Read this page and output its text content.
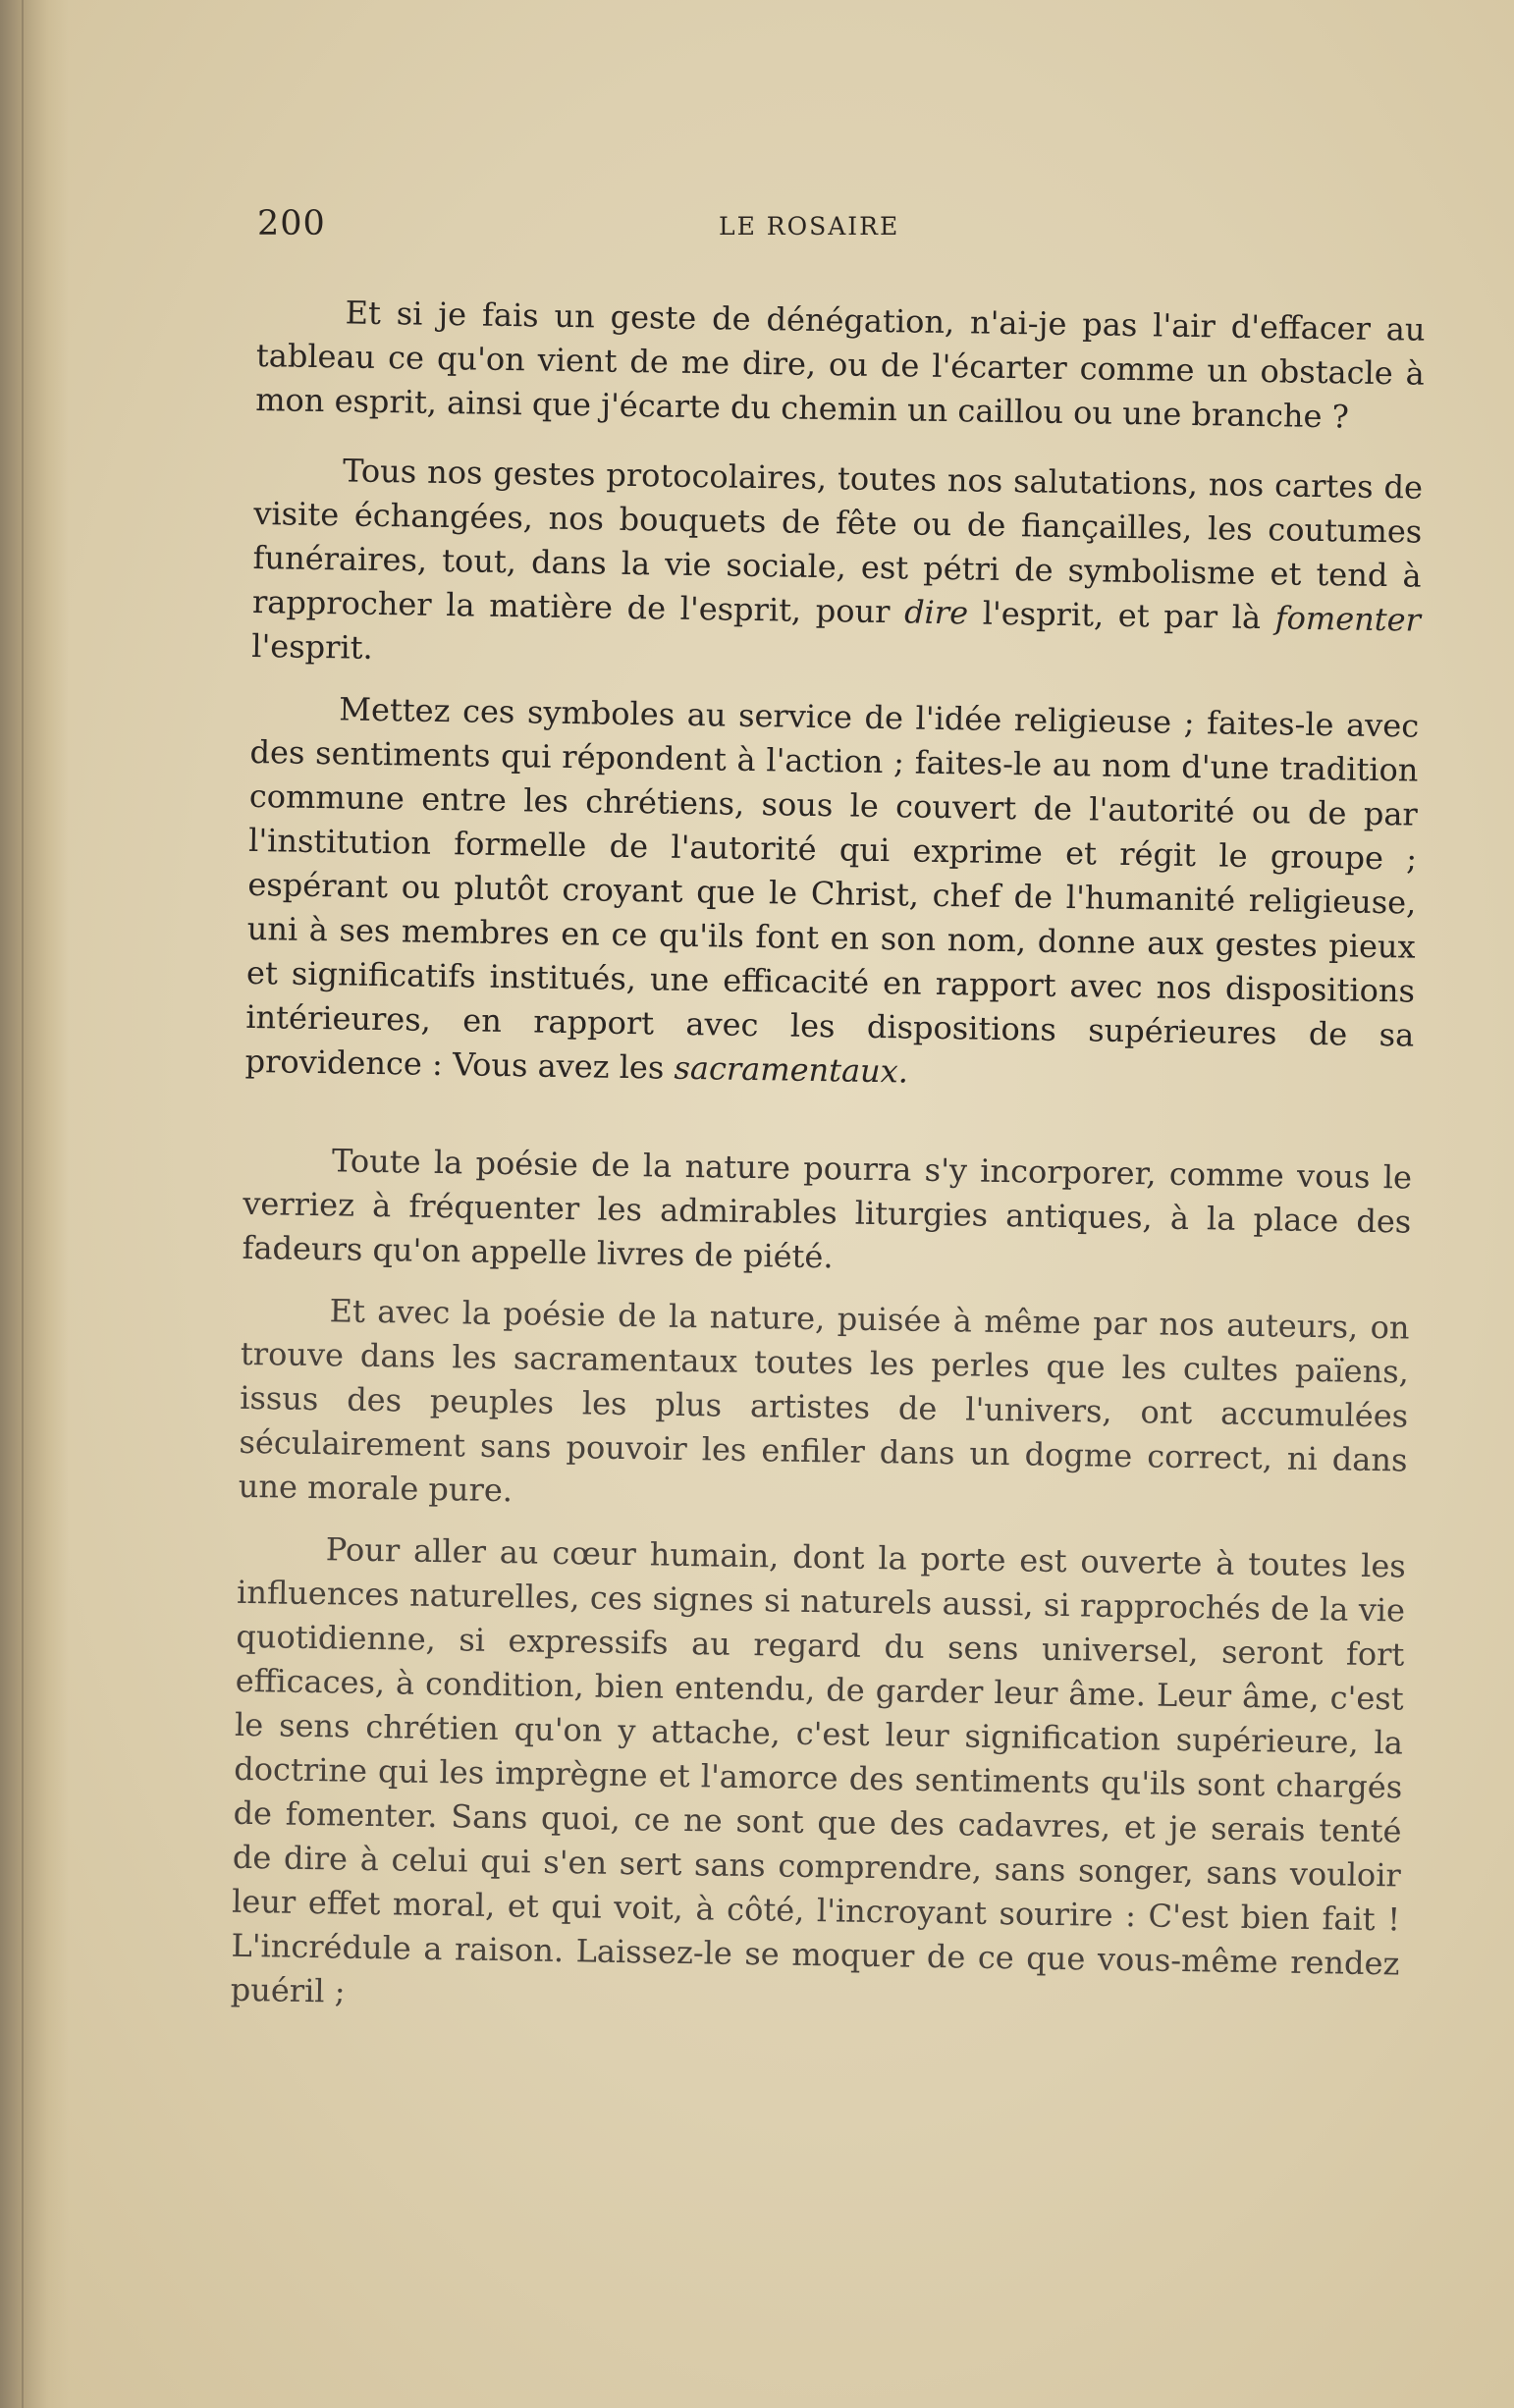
200	LE ROSAIRE

Et si je fais un geste de dénégation, n'ai-je pas l'air d'effacer au tableau ce qu'on vient de me dire, ou de l'écarter comme un obstacle à mon esprit, ainsi que j'écarte du chemin un caillou ou une branche ?

Tous nos gestes protocolaires, toutes nos salutations, nos cartes de visite échangées, nos bouquets de fête ou de fiançailles, les coutumes funéraires, tout, dans la vie sociale, est pétri de symbolisme et tend à rapprocher la matière de l'esprit, pour dire l'esprit, et par là fomenter l'esprit.

Mettez ces symboles au service de l'idée religieuse ; faites-le avec des sentiments qui répondent à l'action ; faites-le au nom d'une tradition commune entre les chrétiens, sous le couvert de l'autorité ou de par l'institution formelle de l'autorité qui exprime et régit le groupe ; espérant ou plutôt croyant que le Christ, chef de l'humanité religieuse, uni à ses membres en ce qu'ils font en son nom, donne aux gestes pieux et significatifs institués, une efficacité en rapport avec nos dispositions intérieures, en rapport avec les dispositions supérieures de sa providence : Vous avez les sacramentaux.

Toute la poésie de la nature pourra s'y incorporer, comme vous le verriez à fréquenter les admirables liturgies antiques, à la place des fadeurs qu'on appelle livres de piété.

Et avec la poésie de la nature, puisée à même par nos auteurs, on trouve dans les sacramentaux toutes les perles que les cultes païens, issus des peuples les plus artistes de l'univers, ont accumulées séculairement sans pouvoir les enfiler dans un dogme correct, ni dans une morale pure.

Pour aller au cœur humain, dont la porte est ouverte à toutes les influences naturelles, ces signes si naturels aussi, si rapprochés de la vie quotidienne, si expressifs au regard du sens universel, seront fort efficaces, à condition, bien entendu, de garder leur âme. Leur âme, c'est le sens chrétien qu'on y attache, c'est leur signification supérieure, la doctrine qui les imprègne et l'amorce des sentiments qu'ils sont chargés de fomenter. Sans quoi, ce ne sont que des cadavres, et je serais tenté de dire à celui qui s'en sert sans comprendre, sans songer, sans vouloir leur effet moral, et qui voit, à côté, l'incroyant sourire : C'est bien fait ! L'incrédule a raison. Laissez-le se moquer de ce que vous-même rendez puéril ;
